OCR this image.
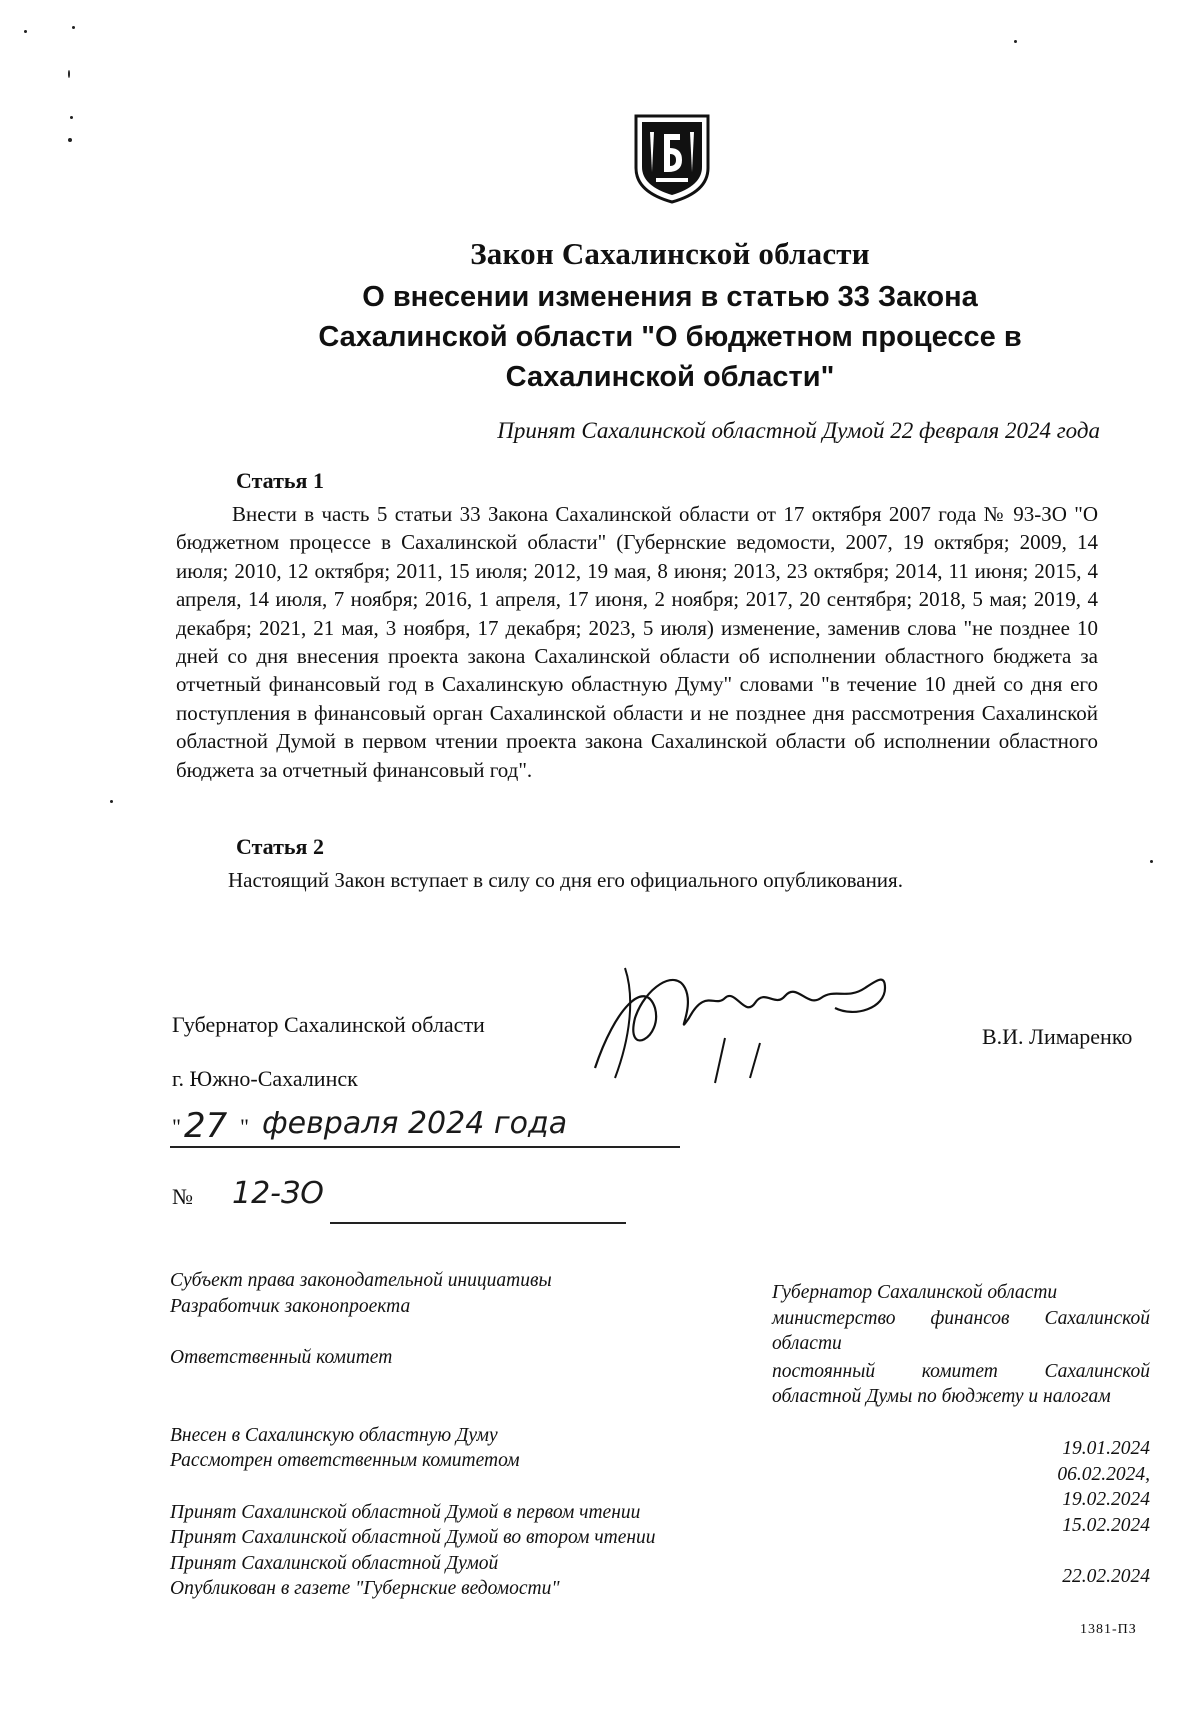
Закон Сахалинской области
О внесении изменения в статью 33 Закона
Сахалинской области "О бюджетном процессе в
Сахалинской области"
Принят Сахалинской областной Думой 22 февраля 2024 года
Статья 1
Внести в часть 5 статьи 33 Закона Сахалинской области от 17 октября 2007 года № 93-ЗО "О бюджетном процессе в Сахалинской области" (Губернские ведомости, 2007, 19 октября; 2009, 14 июля; 2010, 12 октября; 2011, 15 июля; 2012, 19 мая, 8 июня; 2013, 23 октября; 2014, 11 июня; 2015, 4 апреля, 14 июля, 7 ноября; 2016, 1 апреля, 17 июня, 2 ноября; 2017, 20 сентября; 2018, 5 мая; 2019, 4 декабря; 2021, 21 мая, 3 ноября, 17 декабря; 2023, 5 июля) изменение, заменив слова "не позднее 10 дней со дня внесения проекта закона Сахалинской области об исполнении областного бюджета за отчетный финансовый год в Сахалинскую областную Думу" словами "в течение 10 дней со дня его поступления в финансовый орган Сахалинской области и не позднее дня рассмотрения Сахалинской областной Думой в первом чтении проекта закона Сахалинской области об исполнении областного бюджета за отчетный финансовый год".
Статья 2
Настоящий Закон вступает в силу со дня его официального опубликования.
Губернатор Сахалинской области	В.И. Лимаренко
г. Южно-Сахалинск
" 27 " февраля 2024 года
№ 12-ЗО
Субъект права законодательной инициативы
Разработчик законопроекта
Ответственный комитет
Внесен в Сахалинскую областную Думу
Рассмотрен ответственным комитетом
Принят Сахалинской областной Думой в первом чтении
Принят Сахалинской областной Думой во втором чтении
Принят Сахалинской областной Думой
Опубликован в газете "Губернские ведомости"
Губернатор Сахалинской области
министерство финансов Сахалинской области
постоянный комитет Сахалинской областной Думы по бюджету и налогам
19.01.2024
06.02.2024,
19.02.2024
15.02.2024
22.02.2024
1381-ПЗ
